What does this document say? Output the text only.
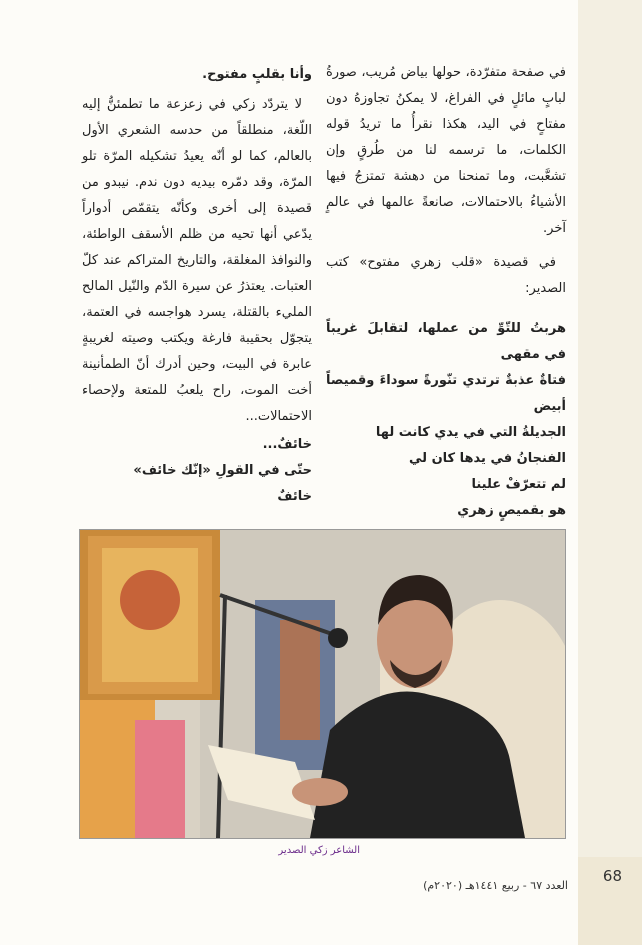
68
العدد ٦٧ - ربيع ١٤٤١هـ (٢٠٢٠م)

في صفحة متفرّدة، حولها بياض مُريب، صورةُ لبابٍ مائلٍ في الفراغ، لا يمكنُ تجاوزهُ دون مفتاحٍ في اليد، هكذا نقرأُ ما تريدُ قوله الكلمات، ما ترسمه لنا من طُرقٍ وإن تشعَّبت، وما تمنحنا من دهشة تمتزجُ فيها الأشياءُ بالاحتمالات، صانعةً عالمها في عالمٍ آخر.

في قصيدة «قلب زهري مفتوح» كتب الصدير:

هربتُ للتّوِّ من عملها، لتقابلَ غريباً في مقهى

فتاةٌ عذبةٌ ترتدي تنّورةً سوداءَ وقميصاً أبيض

الجديلةُ التي في يدي كانت لها

الفنجانُ في يدها كان لي

لم تتعرّفْ علينا

هو بقميصٍ زهري

وأنا بقلبٍ مفتوح.

لا يتردّد زكي في زعزعة ما تطمئنُّ إليه اللّغة، منطلقاً من حدسه الشعري الأول بالعالم، كما لو أنّه يعيدُ تشكيله المرّة تلو المرّة، وقد دمّره بيديه دون ندم. نيبدو من قصيدة إلى أخرى وكأنّه يتقمّص أدواراً يدّعي أنها تحيه من ظلم الأسقف الواطئة، والنوافذ المغلقة، والتاريخ المتراكم عند كلّ العتبات. يعتذرُ عن سيرة الدّم والنّيل المالح المليء بالقتلة، يسرد هواجسه في العتمة، يتجوّل بحقيبة فارغة ويكتب وصيته لغريبةٍ عابرة في البيت، وحين أدرك أنّ الطمأنينة أخت الموت، راح يلعبُ للمتعة ولإحصاء الاحتمالات...

خائفٌ...

حتّى في القولِ «إنّك خائف»

خائفٌ

الشاعر زكي الصدير
